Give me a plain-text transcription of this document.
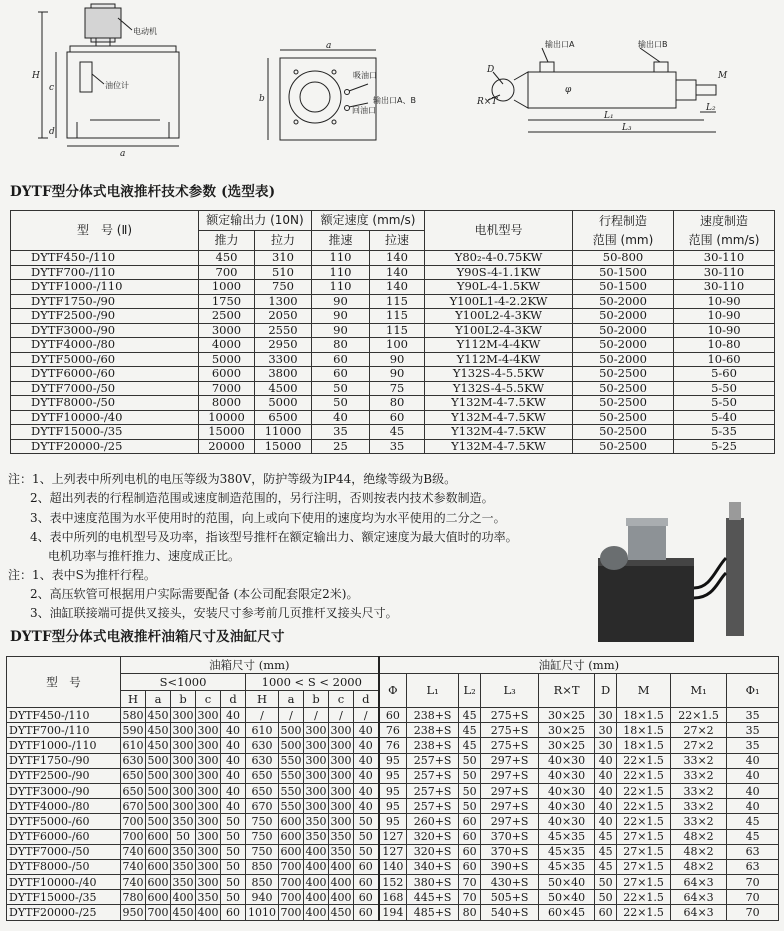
电动机
油位计
H
c
d
a
a
b
吸油口
回油口
输出口A、B
输出口A	输出口B
D
R×T
φ
L₁
L₃
L₂
M
DYTF型分体式电液推杆技术参数 (选型表)
型　号 (Ⅱ)	额定输出力 (10N)		额定速度 (mm/s)		电机型号	行程制造
范围 (mm)	速度制造
范围 (mm/s)
	推力	拉力	推速	拉速			
DYTF450-/110	450	310	110	140	Y80₂-4-0.75KW	50-800	30-110
DYTF700-/110	700	510	110	140	Y90S-4-1.1KW	50-1500	30-110
DYTF1000-/110	1000	750	110	140	Y90L-4-1.5KW	50-1500	30-110
DYTF1750-/90	1750	1300	90	115	Y100L1-4-2.2KW	50-2000	10-90
DYTF2500-/90	2500	2050	90	115	Y100L2-4-3KW	50-2000	10-90
DYTF3000-/90	3000	2550	90	115	Y100L2-4-3KW	50-2000	10-90
DYTF4000-/80	4000	2950	80	100	Y112M-4-4KW	50-2000	10-80
DYTF5000-/60	5000	3300	60	90	Y112M-4-4KW	50-2000	10-60
DYTF6000-/60	6000	3800	60	90	Y132S-4-5.5KW	50-2500	5-60
DYTF7000-/50	7000	4500	50	75	Y132S-4-5.5KW	50-2500	5-50
DYTF8000-/50	8000	5000	50	80	Y132M-4-7.5KW	50-2500	5-50
DYTF10000-/40	10000	6500	40	60	Y132M-4-7.5KW	50-2500	5-40
DYTF15000-/35	15000	11000	35	45	Y132M-4-7.5KW	50-2500	5-35
DYTF20000-/25	20000	15000	25	35	Y132M-4-7.5KW	50-2500	5-25
注：1、上列表中所列电机的电压等级为380V，防护等级为IP44，绝缘等级为B级。
2、超出列表的行程制造范围或速度制造范围的，另行注明，否则按表内技术参数制造。
3、表中速度范围为水平使用时的范围，向上或向下使用的速度均为水平使用的二分之一。
4、表中所列的电机型号及功率，指该型号推杆在额定输出力、额定速度为最大值时的功率。
电机功率与推杆推力、速度成正比。
注：1、表中S为推杆行程。
2、高压软管可根据用户实际需要配备 (本公司配套限定2米)。
3、油缸联接端可提供叉接头，安装尺寸参考前几页推杆叉接头尺寸。
DYTF型分体式电液推杆油箱尺寸及油缸尺寸
型　号	油箱尺寸 (mm)										油缸尺寸 (mm)								
	S<1000					1000 < S < 2000					Φ	L₁	L₂	L₃	R×T	D	M	M₁	Φ₁
	H	a	b	c	d	H	a	b	c	d									
DYTF450-/110	580	450	300	300	40	/	/	/	/	/	60	238+S	45	275+S	30×25	30	18×1.5	22×1.5	35
DYTF700-/110	590	450	300	300	40	610	500	300	300	40	76	238+S	45	275+S	30×25	30	18×1.5	27×2	35
DYTF1000-/110	610	450	300	300	40	630	500	300	300	40	76	238+S	45	275+S	30×25	30	18×1.5	27×2	35
DYTF1750-/90	630	500	300	300	40	630	550	300	300	40	95	257+S	50	297+S	40×30	40	22×1.5	33×2	40
DYTF2500-/90	650	500	300	300	40	650	550	300	300	40	95	257+S	50	297+S	40×30	40	22×1.5	33×2	40
DYTF3000-/90	650	500	300	300	40	650	550	300	300	40	95	257+S	50	297+S	40×30	40	22×1.5	33×2	40
DYTF4000-/80	670	500	300	300	40	670	550	300	300	40	95	257+S	50	297+S	40×30	40	22×1.5	33×2	40
DYTF5000-/60	700	500	350	300	50	750	600	350	300	50	95	260+S	60	297+S	40×30	40	22×1.5	33×2	45
DYTF6000-/60	700	600	50	300	50	750	600	350	350	50	127	320+S	60	370+S	45×35	45	27×1.5	48×2	45
DYTF7000-/50	740	600	350	300	50	750	600	400	350	50	127	320+S	60	370+S	45×35	45	27×1.5	48×2	63
DYTF8000-/50	740	600	350	300	50	850	700	400	400	60	140	340+S	60	390+S	45×35	45	27×1.5	48×2	63
DYTF10000-/40	740	600	350	300	50	850	700	400	400	60	152	380+S	70	430+S	50×40	50	27×1.5	64×3	70
DYTF15000-/35	780	600	400	350	50	940	700	400	400	60	168	445+S	70	505+S	50×40	50	22×1.5	64×3	70
DYTF20000-/25	950	700	450	400	60	1010	700	400	450	60	194	485+S	80	540+S	60×45	60	22×1.5	64×3	70
